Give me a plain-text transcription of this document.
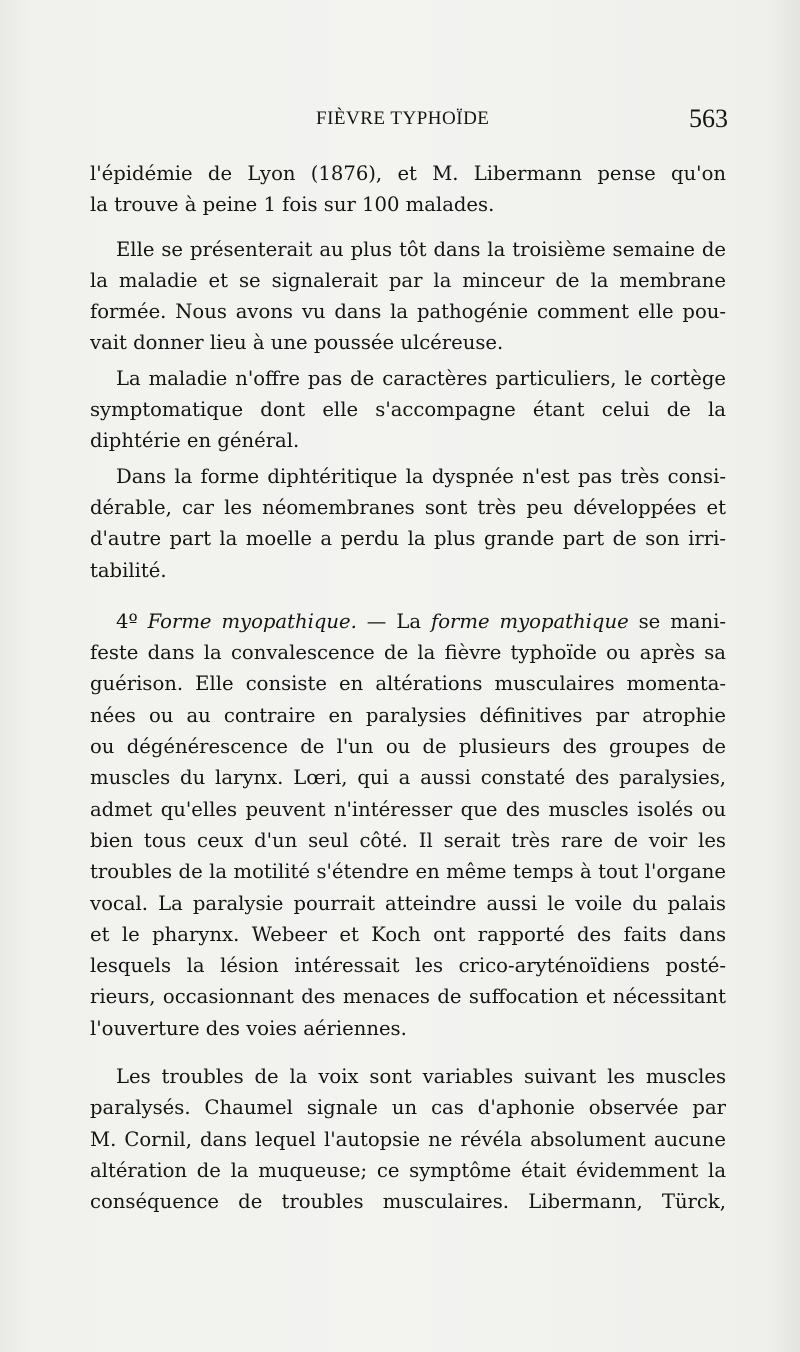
FIÈVRE TYPHOÏDE	563
l'épidémie de Lyon (1876), et M. Libermann pense qu'on
la trouve à peine 1 fois sur 100 malades.
Elle se présenterait au plus tôt dans la troisième semaine de
la maladie et se signalerait par la minceur de la membrane
formée. Nous avons vu dans la pathogénie comment elle pou-
vait donner lieu à une poussée ulcéreuse.
La maladie n'offre pas de caractères particuliers, le cortège
symptomatique dont elle s'accompagne étant celui de la
diphtérie en général.
Dans la forme diphtéritique la dyspnée n'est pas très consi-
dérable, car les néomembranes sont très peu développées et
d'autre part la moelle a perdu la plus grande part de son irri-
tabilité.
4º Forme myopathique. — La forme myopathique se mani-
feste dans la convalescence de la fièvre typhoïde ou après sa
guérison. Elle consiste en altérations musculaires momenta-
nées ou au contraire en paralysies définitives par atrophie
ou dégénérescence de l'un ou de plusieurs des groupes de
muscles du larynx. Lœri, qui a aussi constaté des paralysies,
admet qu'elles peuvent n'intéresser que des muscles isolés ou
bien tous ceux d'un seul côté. Il serait très rare de voir les
troubles de la motilité s'étendre en même temps à tout l'organe
vocal. La paralysie pourrait atteindre aussi le voile du palais
et le pharynx. Webeer et Koch ont rapporté des faits dans
lesquels la lésion intéressait les crico-aryténoïdiens posté-
rieurs, occasionnant des menaces de suffocation et nécessitant
l'ouverture des voies aériennes.
Les troubles de la voix sont variables suivant les muscles
paralysés. Chaumel signale un cas d'aphonie observée par
M. Cornil, dans lequel l'autopsie ne révéla absolument aucune
altération de la muqueuse; ce symptôme était évidemment la
conséquence de troubles musculaires. Libermann, Türck,
